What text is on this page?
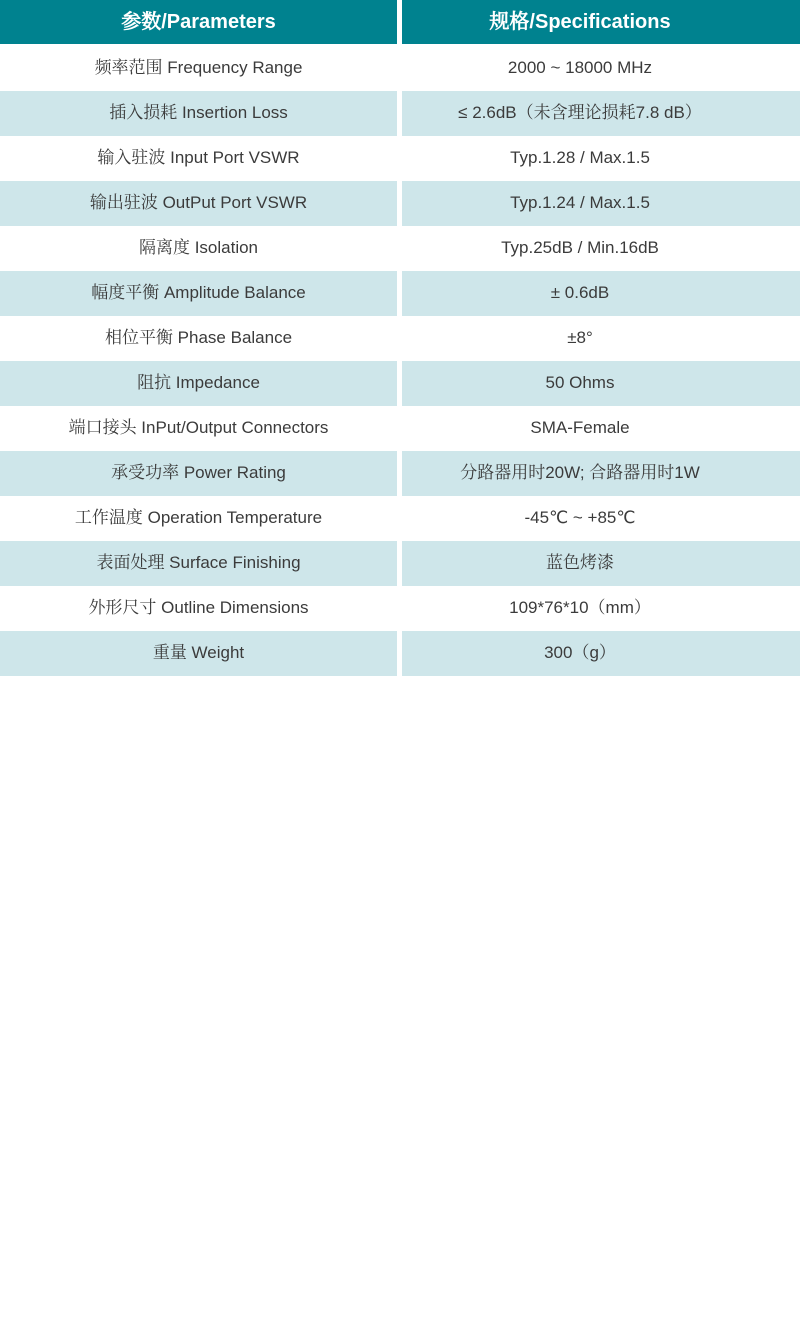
参数/Parameters	规格/Specifications
频率范围 Frequency Range	2000 ~ 18000 MHz
插入损耗 Insertion Loss	≤ 2.6dB（未含理论损耗7.8 dB）
输入驻波 Input Port VSWR	Typ.1.28 / Max.1.5
输出驻波 OutPut Port VSWR	Typ.1.24 / Max.1.5
隔离度 Isolation	Typ.25dB / Min.16dB
幅度平衡 Amplitude Balance	± 0.6dB
相位平衡 Phase Balance	±8°
阻抗 Impedance	50 Ohms
端口接头 InPut/Output Connectors	SMA-Female
承受功率 Power Rating	分路器用时20W; 合路器用时1W
工作温度 Operation Temperature	-45℃ ~ +85℃
表面处理 Surface Finishing	蓝色烤漆
外形尺寸 Outline Dimensions	109*76*10（mm）
重量 Weight	300（g）
